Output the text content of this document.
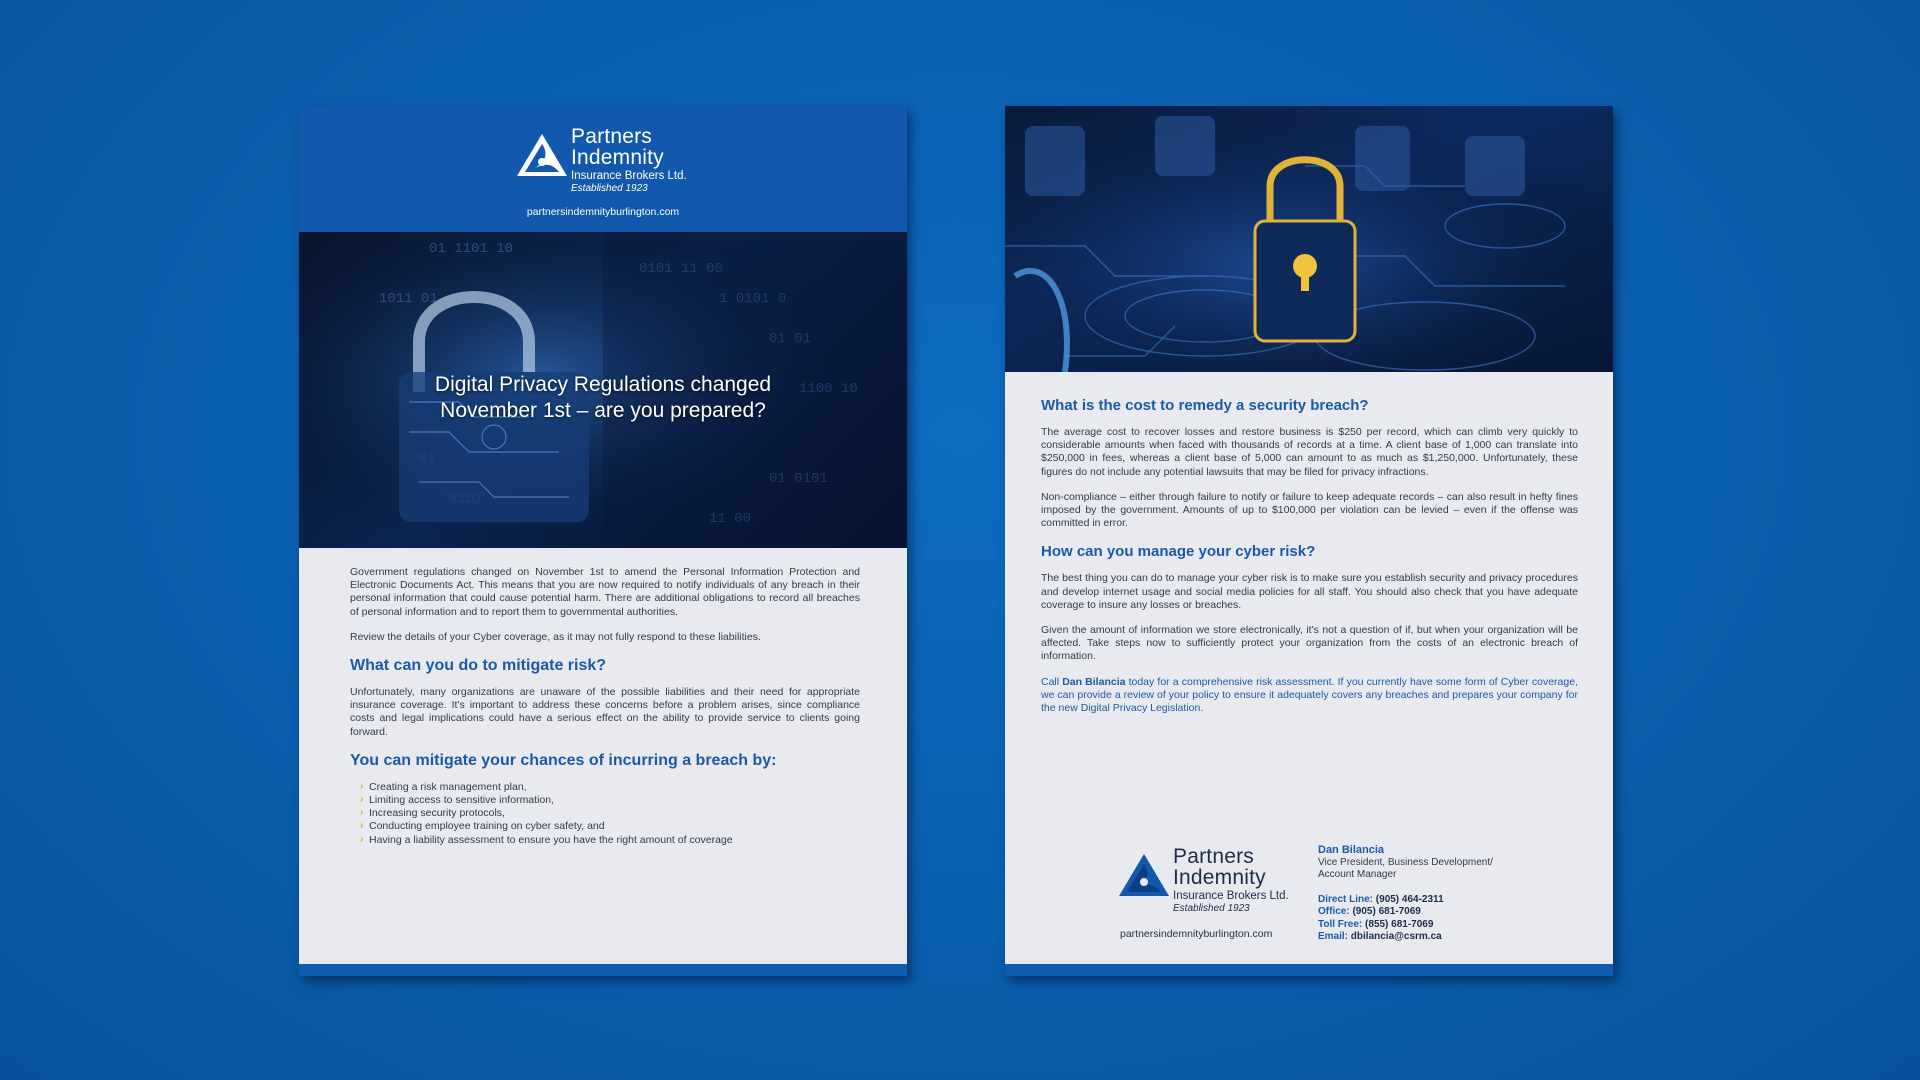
Partners
Indemnity
Insurance Brokers Ltd.
Established 1923
partnersindemnityburlington.com
01 1101 10
0101 11 00
1 0101 0
01 01
1100 10
01 0101
11 00
1011 01
Digital Privacy Regulations changed
November 1st – are you prepared?

Government regulations changed on November 1st to amend the Personal Information Protection and Electronic Documents Act. This means that you are now required to notify individuals of any breach in their personal information that could cause potential harm. There are additional obligations to record all breaches of personal information and to report them to governmental authorities.

Review the details of your Cyber coverage, as it may not fully respond to these liabilities.

What can you do to mitigate risk?

Unfortunately, many organizations are unaware of the possible liabilities and their need for appropriate insurance coverage. It's important to address these concerns before a problem arises, since compliance costs and legal implications could have a serious effect on the ability to provide service to clients going forward.

You can mitigate your chances of incurring a breach by:
› Creating a risk management plan,
› Limiting access to sensitive information,
› Increasing security protocols,
› Conducting employee training on cyber safety, and
› Having a liability assessment to ensure you have the right amount of coverage
What is the cost to remedy a security breach?

The average cost to recover losses and restore business is $250 per record, which can climb very quickly to considerable amounts when faced with thousands of records at a time. A client base of 1,000 can translate into $250,000 in fees, whereas a client base of 5,000 can amount to as much as $1,250,000. Unfortunately, these figures do not include any potential lawsuits that may be filed for privacy infractions.

Non-compliance – either through failure to notify or failure to keep adequate records – can also result in hefty fines imposed by the government. Amounts of up to $100,000 per violation can be levied – even if the offense was committed in error.

How can you manage your cyber risk?

The best thing you can do to manage your cyber risk is to make sure you establish security and privacy procedures and develop internet usage and social media policies for all staff. You should also check that you have adequate coverage to insure any losses or breaches.

Given the amount of information we store electronically, it's not a question of if, but when your organization will be affected. Take steps now to sufficiently protect your organization from the costs of an electronic breach of information.

Call Dan Bilancia today for a comprehensive risk assessment. If you currently have some form of Cyber coverage, we can provide a review of your policy to ensure it adequately covers any breaches and prepares your company for the new Digital Privacy Legislation.

Partners
Indemnity
Insurance Brokers Ltd.
Established 1923
partnersindemnityburlington.com
Dan Bilancia
Vice President, Business Development/
Account Manager
Direct Line: (905) 464-2311
Office: (905) 681-7069
Toll Free: (855) 681-7069
Email: dbilancia@csrm.ca
